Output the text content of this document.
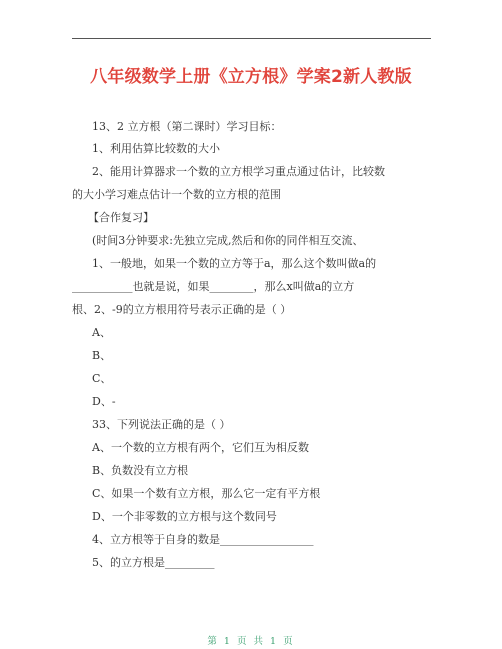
八年级数学上册《立方根》学案2新人教版
13、2 立方根（第二课时）学习目标：
1、利用估算比较数的大小
2、能用计算器求一个数的立方根学习重点通过估计，比较数
的大小学习难点估计一个数的立方根的范围
【合作复习】
(时间3分钟要求:先独立完成,然后和你的同伴相互交流、
1、一般地，如果一个数的立方等于a，那么这个数叫做a的
___________也就是说，如果________，那么x叫做a的立方
根、2、-9的立方根用符号表示正确的是（ ）
A、
B、
C、
D、-
33、下列说法正确的是（ ）
A、一个数的立方根有两个，它们互为相反数
B、负数没有立方根
C、如果一个数有立方根，那么它一定有平方根
D、一个非零数的立方根与这个数同号
4、立方根等于自身的数是_________________
5、的立方根是_________
第 1 页 共 1 页
